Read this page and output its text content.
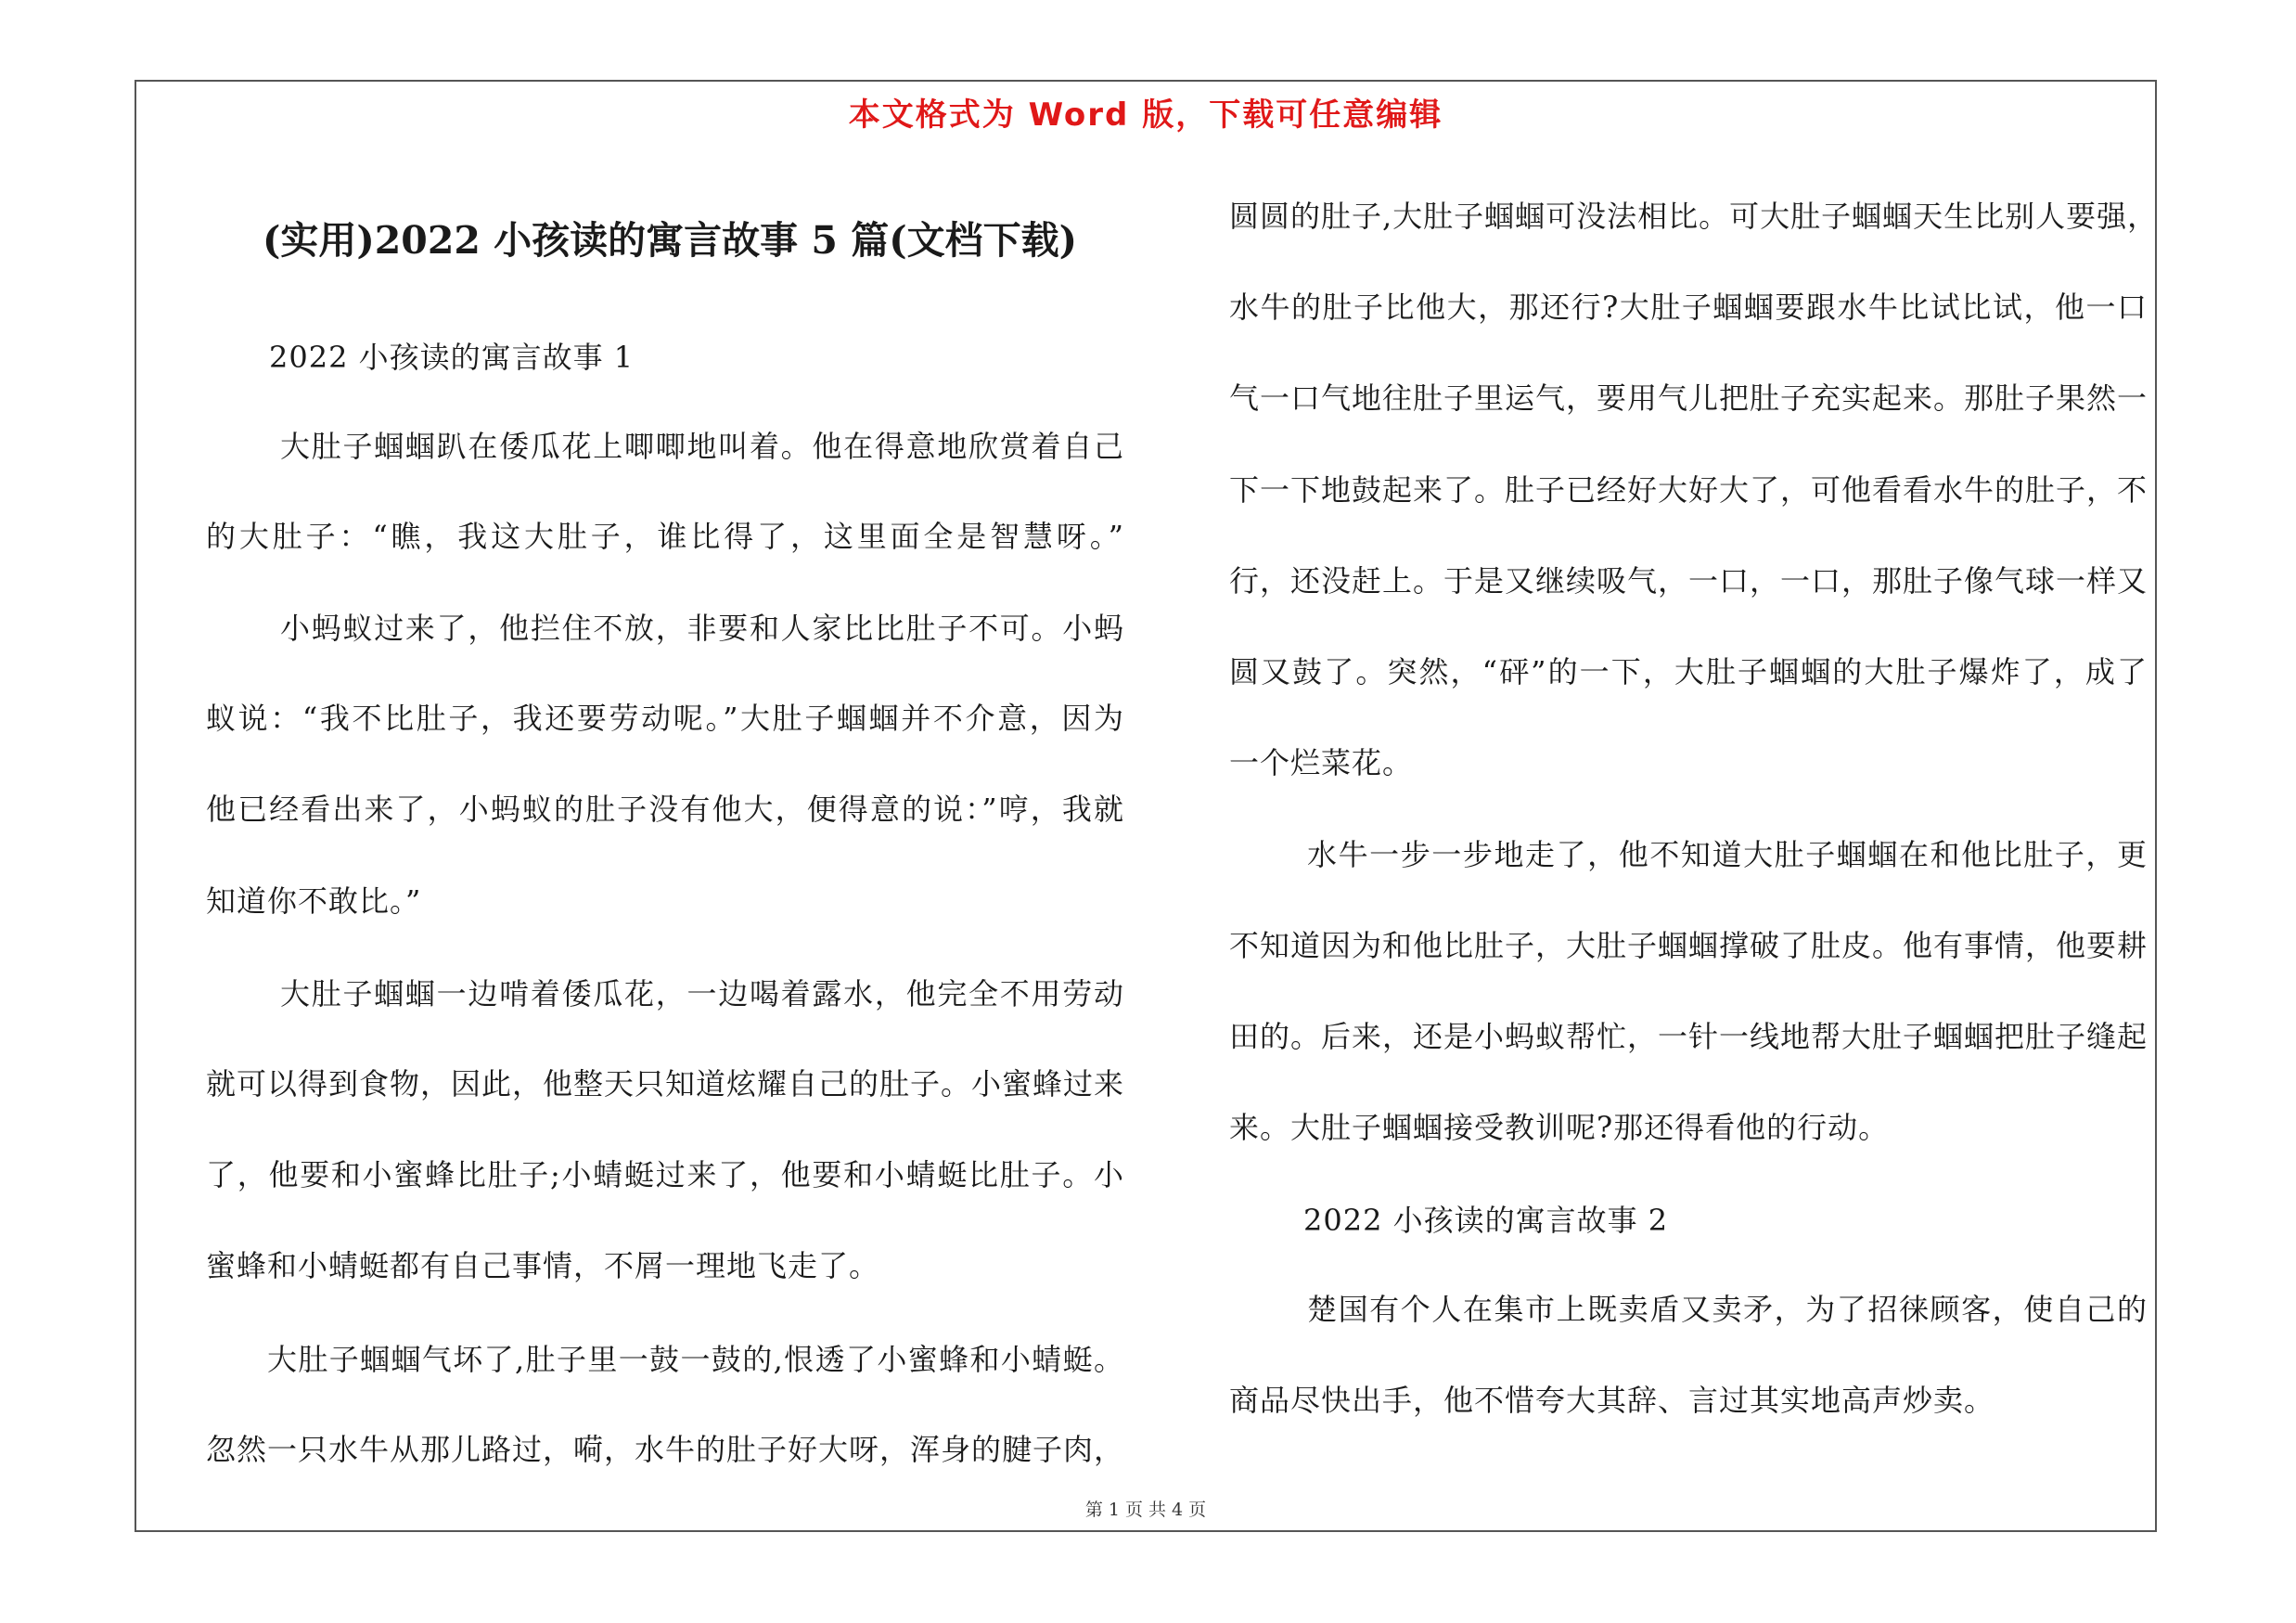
本文格式为 Word 版，下载可任意编辑
(实用)2022 小孩读的寓言故事 5 篇(文档下载)
2022 小孩读的寓言故事 1
大肚子蝈蝈趴在倭瓜花上唧唧地叫着。他在得意地欣赏着自己
的大肚子：“瞧，我这大肚子，谁比得了，这里面全是智慧呀。”
小蚂蚁过来了，他拦住不放，非要和人家比比肚子不可。小蚂
蚁说：“我不比肚子，我还要劳动呢。”大肚子蝈蝈并不介意，因为
他已经看出来了，小蚂蚁的肚子没有他大，便得意的说：”哼，我就
知道你不敢比。”
大肚子蝈蝈一边啃着倭瓜花，一边喝着露水，他完全不用劳动
就可以得到食物，因此，他整天只知道炫耀自己的肚子。小蜜蜂过来
了，他要和小蜜蜂比肚子;小蜻蜓过来了，他要和小蜻蜓比肚子。小
蜜蜂和小蜻蜓都有自己事情，不屑一理地飞走了。
大肚子蝈蝈气坏了,肚子里一鼓一鼓的,恨透了小蜜蜂和小蜻蜓。
忽然一只水牛从那儿路过，嗬，水牛的肚子好大呀，浑身的腱子肉，
圆圆的肚子,大肚子蝈蝈可没法相比。可大肚子蝈蝈天生比别人要强，
水牛的肚子比他大，那还行?大肚子蝈蝈要跟水牛比试比试，他一口
气一口气地往肚子里运气，要用气儿把肚子充实起来。那肚子果然一
下一下地鼓起来了。肚子已经好大好大了，可他看看水牛的肚子，不
行，还没赶上。于是又继续吸气，一口，一口，那肚子像气球一样又
圆又鼓了。突然，“砰”的一下，大肚子蝈蝈的大肚子爆炸了，成了
一个烂菜花。
水牛一步一步地走了，他不知道大肚子蝈蝈在和他比肚子，更
不知道因为和他比肚子，大肚子蝈蝈撑破了肚皮。他有事情，他要耕
田的。后来，还是小蚂蚁帮忙，一针一线地帮大肚子蝈蝈把肚子缝起
来。大肚子蝈蝈接受教训呢?那还得看他的行动。
2022 小孩读的寓言故事 2
楚国有个人在集市上既卖盾又卖矛，为了招徕顾客，使自己的
商品尽快出手，他不惜夸大其辞、言过其实地高声炒卖。
第 1 页 共 4 页
